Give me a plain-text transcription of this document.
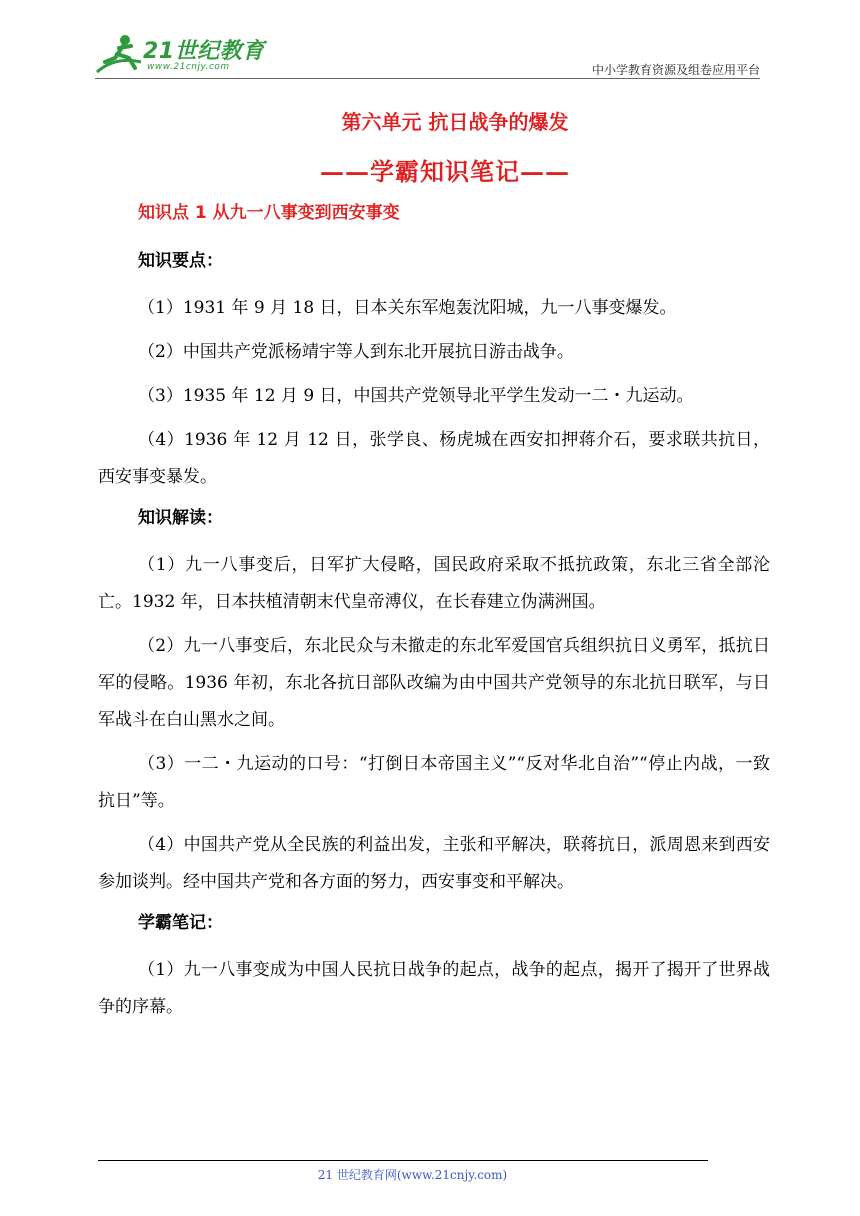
21世纪教育
www.21cnjy.com	中小学教育资源及组卷应用平台
第六单元 抗日战争的爆发
——学霸知识笔记——
知识点 1 从九一八事变到西安事变
知识要点：

（1）1931 年 9 月 18 日，日本关东军炮轰沈阳城，九一八事变爆发。

（2）中国共产党派杨靖宇等人到东北开展抗日游击战争。

（3）1935 年 12 月 9 日，中国共产党领导北平学生发动一二・九运动。

（4）1936 年 12 月 12 日，张学良、杨虎城在西安扣押蒋介石，要求联共抗日，西安事变暴发。

知识解读：

（1）九一八事变后，日军扩大侵略，国民政府采取不抵抗政策，东北三省全部沦亡。1932 年，日本扶植清朝末代皇帝溥仪，在长春建立伪满洲国。

（2）九一八事变后，东北民众与未撤走的东北军爱国官兵组织抗日义勇军，抵抗日军的侵略。1936 年初，东北各抗日部队改编为由中国共产党领导的东北抗日联军，与日军战斗在白山黑水之间。

（3）一二・九运动的口号：“打倒日本帝国主义”“反对华北自治”“停止内战，一致抗日”等。

（4）中国共产党从全民族的利益出发，主张和平解决，联蒋抗日，派周恩来到西安参加谈判。经中国共产党和各方面的努力，西安事变和平解决。

学霸笔记：

（1）九一八事变成为中国人民抗日战争的起点，战争的起点，揭开了揭开了世界战争的序幕。

21 世纪教育网(www.21cnjy.com)
